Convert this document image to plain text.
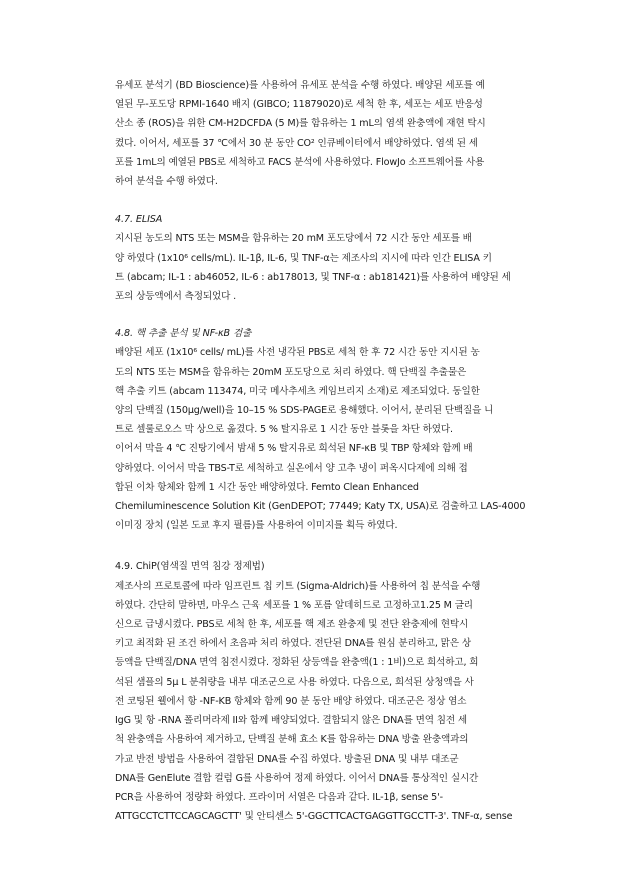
유세포 분석기 (BD Bioscience)를 사용하여 유세포 분석을 수행 하였다. 배양된 세포를 예
열된 무-포도당 RPMI-1640 배지 (GIBCO; 11879020)로 세척 한 후, 세포는 세포 반응성
산소 종 (ROS)을 위한 CM-H2DCFDA (5 M)를 함유하는 1 mL의 염색 완충액에 재현 탁시
켰다. 이어서, 세포를 37 ℃에서 30 분 동안 CO² 인큐베이터에서 배양하였다. 염색 된 세
포를 1mL의 예열된 PBS로 세척하고 FACS 분석에 사용하였다. FlowJo 소프트웨어를 사용
하여 분석을 수행 하였다.
4.7. ELISA
지시된 농도의 NTS 또는 MSM을 함유하는 20 mM 포도당에서 72 시간 동안 세포를 배
양 하였다 (1x10⁶ cells/mL). IL-1β, IL-6, 및 TNF-α는 제조사의 지시에 따라 인간 ELISA 키
트 (abcam; IL-1 : ab46052, IL-6 : ab178013, 및 TNF-α : ab181421)를 사용하여 배양된 세
포의 상등액에서 측정되었다 .
4.8. 핵 추출 분석 및 NF-κB 검출
배양된 세포 (1x10⁶ cells/ mL)를 사전 냉각된 PBS로 세척 한 후 72 시간 동안 지시된 농
도의 NTS 또는 MSM을 함유하는 20mM 포도당으로 처리 하였다. 핵 단백질 추출물은
핵 추출 키트 (abcam 113474, 미국 메사추세츠 케임브리지 소재)로 제조되었다. 동일한
양의 단백질 (150μg/well)을 10–15 % SDS-PAGE로 용해했다. 이어서, 분리된 단백질을 니
트로 셀룰로오스 막 상으로 옮겼다. 5 % 탈지유로 1 시간 동안 블롯을 차단 하였다.
이어서 막을 4 ℃ 진탕기에서 밤새 5 % 탈지유로 희석된 NF-κB 및 TBP 항체와 함께 배
양하였다. 이어서 막을 TBS-T로 세척하고 실온에서 양 고추 냉이 퍼옥시다제에 의해 접
합된 이차 항체와 함께 1 시간 동안 배양하였다. Femto Clean Enhanced
Chemiluminescence Solution Kit (GenDEPOT; 77449; Katy TX, USA)로 검출하고 LAS-4000
이미징 장치 (일본 도쿄 후지 필름)를 사용하여 이미지를 획득 하였다.
4.9. ChiP(염색질 면역 침강 정제법)
제조사의 프로토콜에 따라 임프린트 칩 키트 (Sigma-Aldrich)를 사용하여 칩 분석을 수행
하였다. 간단히 말하면, 마우스 근육 세포를 1 % 포름 알데히드로 고정하고1.25 M 글리
신으로 급냉시켰다. PBS로 세척 한 후, 세포를 핵 제조 완충제 및 전단 완충제에 현탁시
키고 최적화 된 조건 하에서 초음파 처리 하였다. 전단된 DNA를 원심 분리하고, 맑은 상
등액을 단백질/DNA 면역 침전시켰다. 정화된 상등액을 완충액(1 : 1비)으로 희석하고, 희
석된 샘플의 5μ L 분취량을 내부 대조군으로 사용 하였다. 다음으로, 희석된 상청액을 사
전 코팅된 웰에서 항 -NF-KB 항체와 함께 90 분 동안 배양 하였다. 대조군은 정상 염소
IgG 및 항 -RNA 폴리머라제 II와 함께 배양되었다. 결합되지 않은 DNA를 면역 침전 세
척 완충액을 사용하여 제거하고, 단백질 분해 효소 K를 함유하는 DNA 방출 완충액과의
가교 반전 방법을 사용하여 결합된 DNA를 수집 하였다. 방출된 DNA 및 내부 대조군
DNA를 GenElute 결합 컬럼 G를 사용하여 정제 하였다. 이어서 DNA를 통상적인 실시간
PCR을 사용하여 정량화 하였다. 프라이머 서열은 다음과 같다. IL-1β, sense 5'-
ATTGCCTCTTCCAGCAGCTT' 및 안티센스 5'-GGCTTCACTGAGGTTGCCTT-3'. TNF-α, sense
